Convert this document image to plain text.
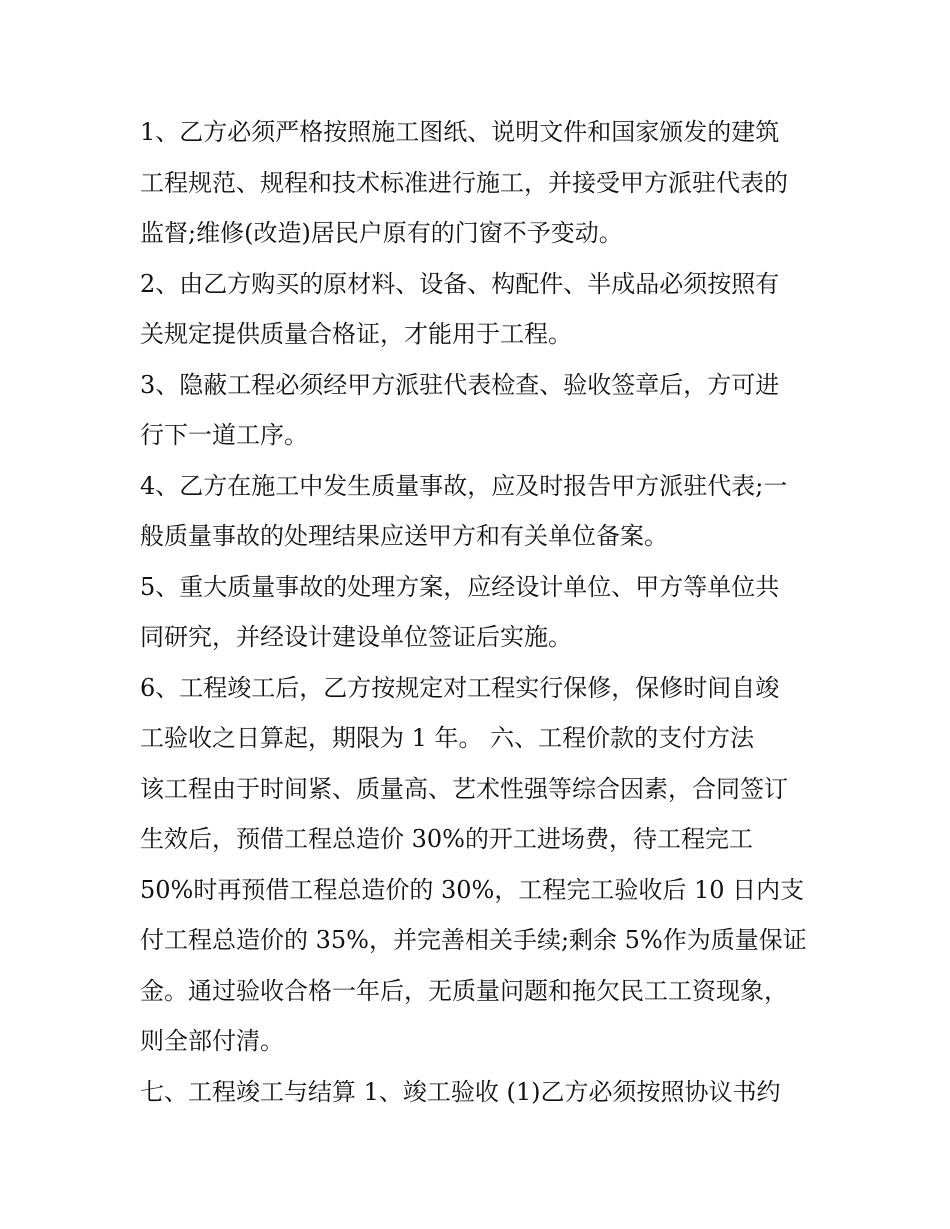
1、乙方必须严格按照施工图纸、说明文件和国家颁发的建筑
工程规范、规程和技术标准进行施工，并接受甲方派驻代表的
监督;维修(改造)居民户原有的门窗不予变动。
2、由乙方购买的原材料、设备、构配件、半成品必须按照有
关规定提供质量合格证，才能用于工程。
3、隐蔽工程必须经甲方派驻代表检查、验收签章后，方可进
行下一道工序。
4、乙方在施工中发生质量事故，应及时报告甲方派驻代表;一
般质量事故的处理结果应送甲方和有关单位备案。
5、重大质量事故的处理方案，应经设计单位、甲方等单位共
同研究，并经设计建设单位签证后实施。
6、工程竣工后，乙方按规定对工程实行保修，保修时间自竣
工验收之日算起，期限为 1 年。 六、工程价款的支付方法
该工程由于时间紧、质量高、艺术性强等综合因素，合同签订
生效后，预借工程总造价 30%的开工进场费，待工程完工
50%时再预借工程总造价的 30%，工程完工验收后 10 日内支
付工程总造价的 35%，并完善相关手续;剩余 5%作为质量保证
金。通过验收合格一年后，无质量问题和拖欠民工工资现象，
则全部付清。
七、工程竣工与结算 1、竣工验收 (1)乙方必须按照协议书约
